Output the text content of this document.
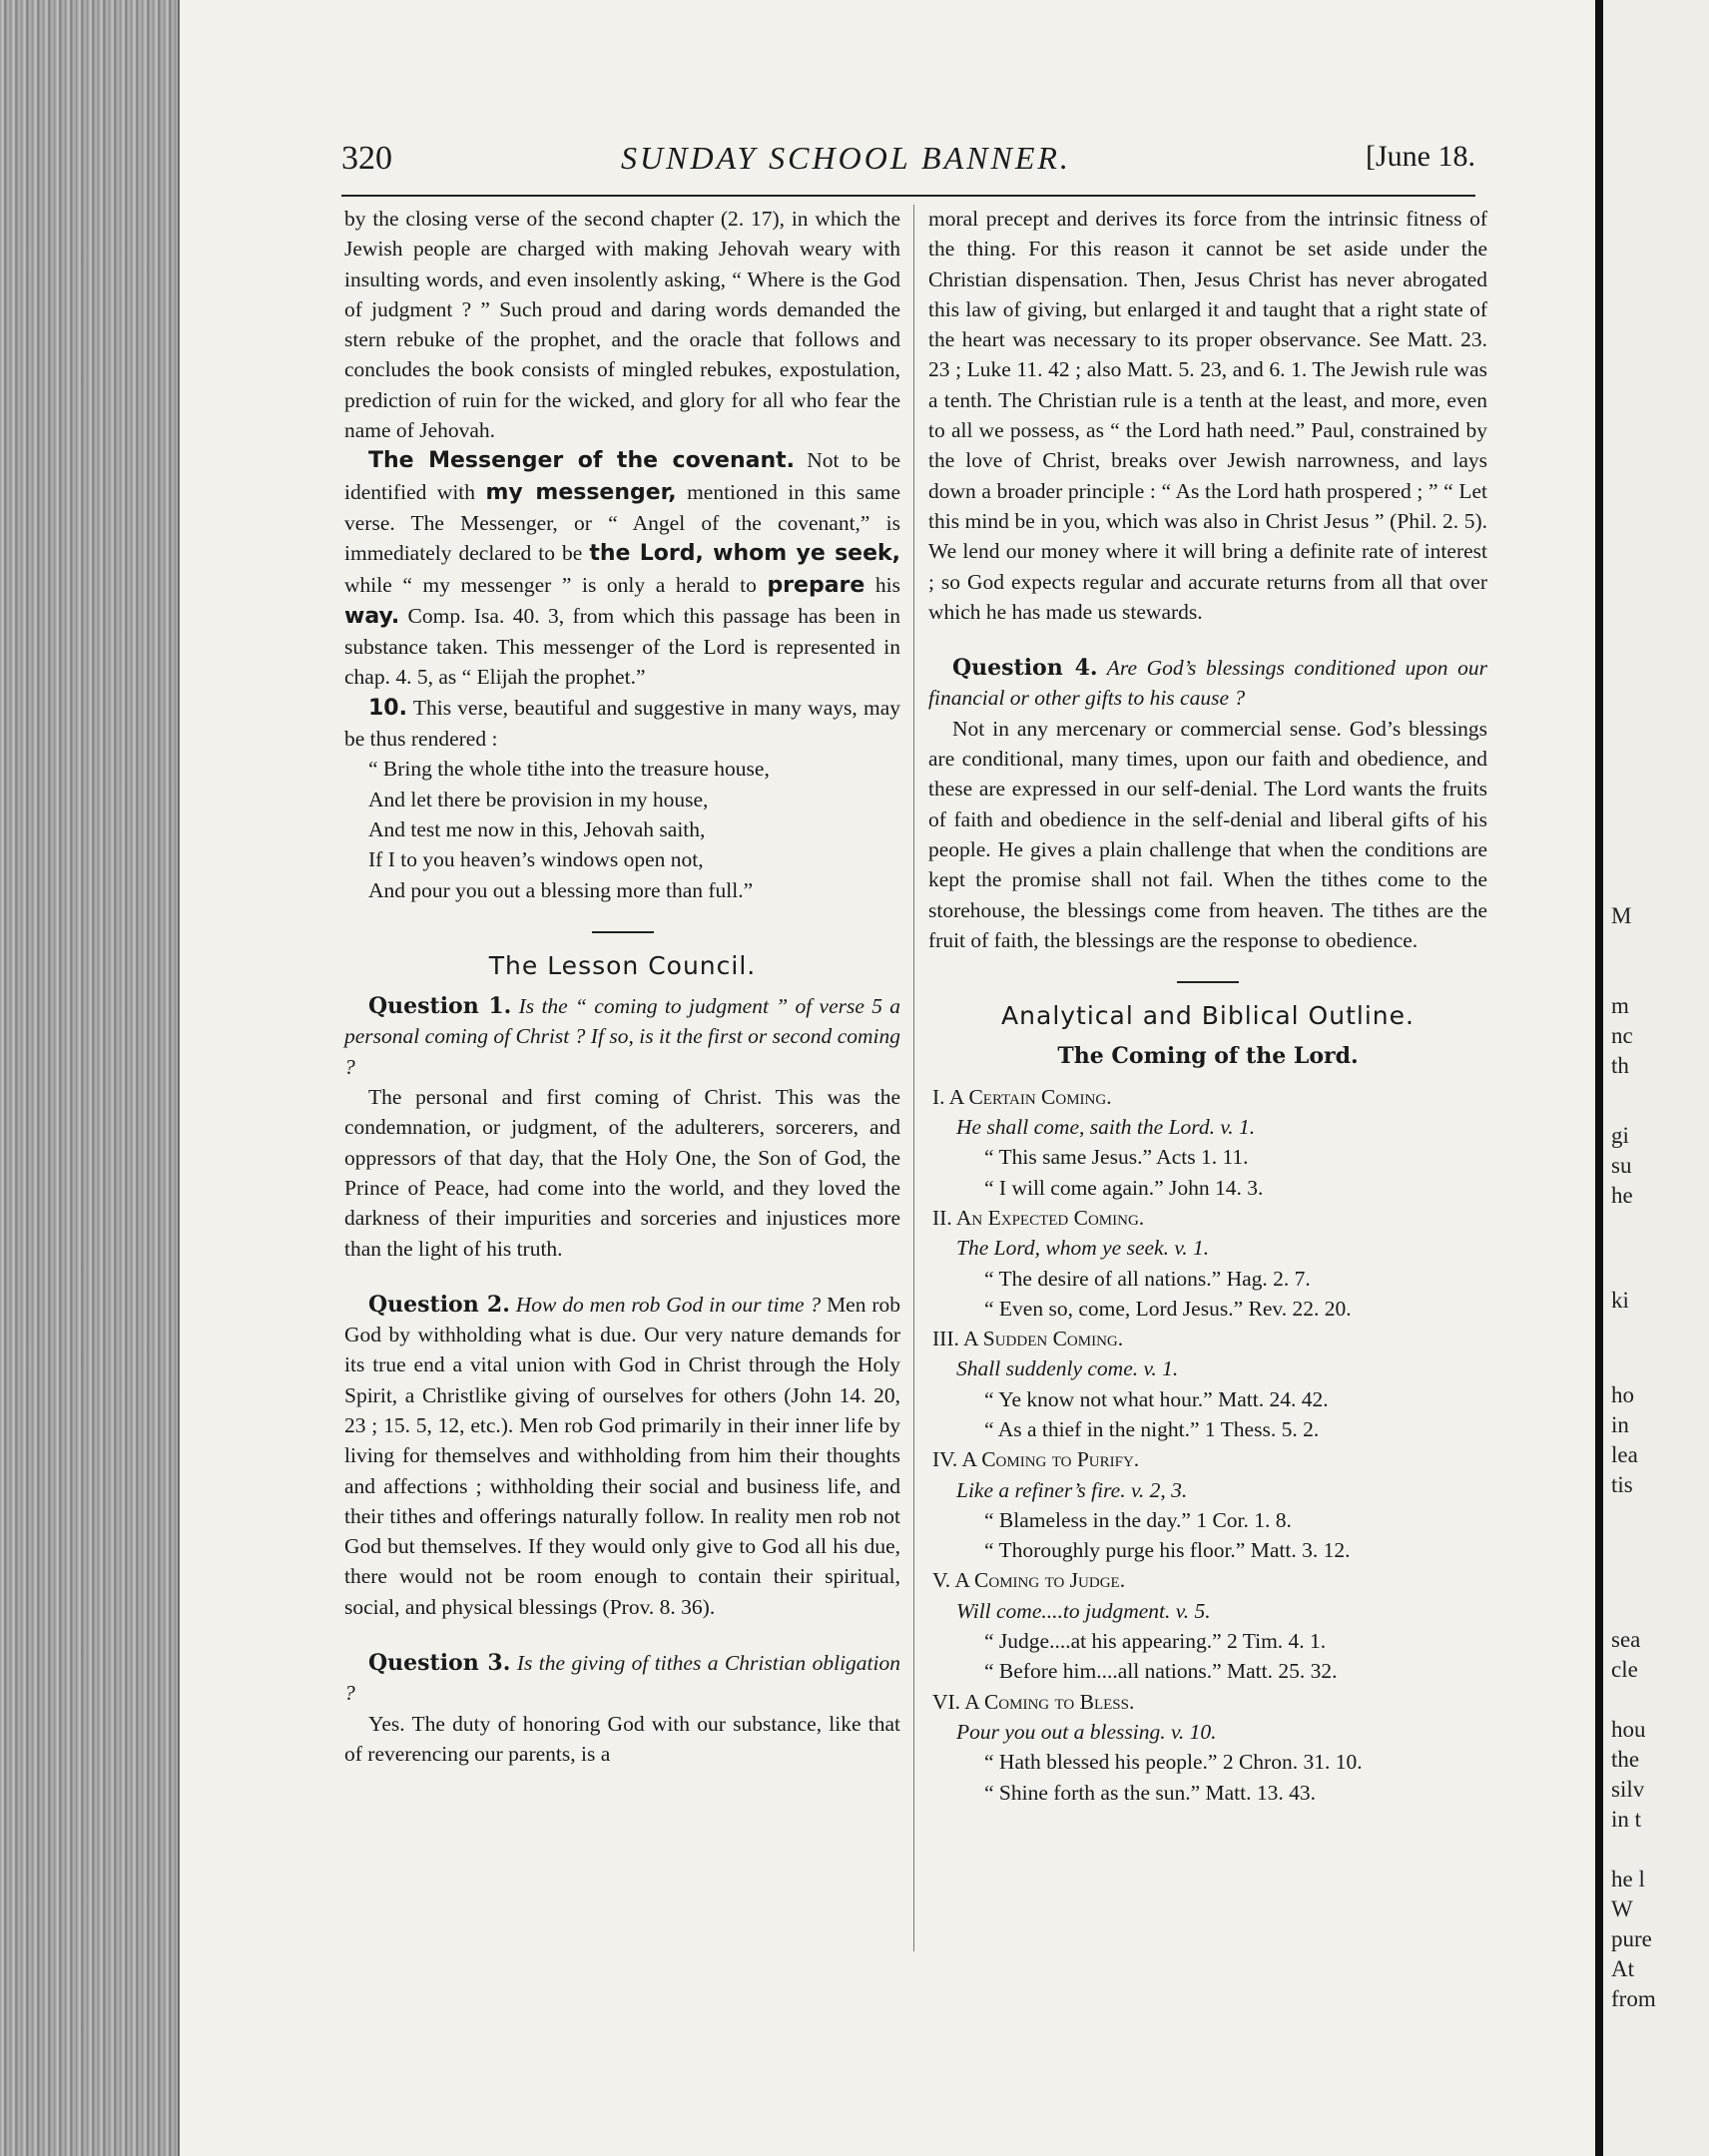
320	SUNDAY SCHOOL BANNER.	[June 18.

by the closing verse of the second chapter (2. 17), in which the Jewish people are charged with making Jehovah weary with insulting words, and even insolently asking, “ Where is the God of judgment ? ” Such proud and daring words demanded the stern rebuke of the prophet, and the oracle that follows and concludes the book consists of mingled rebukes, expostulation, prediction of ruin for the wicked, and glory for all who fear the name of Jehovah.

The Messenger of the covenant. Not to be identified with my messenger, mentioned in this same verse. The Messenger, or “ Angel of the covenant,” is immediately declared to be the Lord, whom ye seek, while “ my messenger ” is only a herald to prepare his way. Comp. Isa. 40. 3, from which this passage has been in substance taken. This messenger of the Lord is represented in chap. 4. 5, as “ Elijah the prophet.”

10. This verse, beautiful and suggestive in many ways, may be thus rendered :

“ Bring the whole tithe into the treasure house,
And let there be provision in my house,
And test me now in this, Jehovah saith,
If I to you heaven’s windows open not,
And pour you out a blessing more than full.”
The Lesson Council.

Question 1. Is the “ coming to judgment ” of verse 5 a personal coming of Christ ? If so, is it the first or second coming ?

The personal and first coming of Christ. This was the condemnation, or judgment, of the adulterers, sorcerers, and oppressors of that day, that the Holy One, the Son of God, the Prince of Peace, had come into the world, and they loved the darkness of their impurities and sorceries and injustices more than the light of his truth.

Question 2. How do men rob God in our time ? Men rob God by withholding what is due. Our very nature demands for its true end a vital union with God in Christ through the Holy Spirit, a Christlike giving of ourselves for others (John 14. 20, 23 ; 15. 5, 12, etc.). Men rob God primarily in their inner life by living for themselves and withholding from him their thoughts and affections ; withholding their social and business life, and their tithes and offerings naturally follow. In reality men rob not God but themselves. If they would only give to God all his due, there would not be room enough to contain their spiritual, social, and physical blessings (Prov. 8. 36).

Question 3. Is the giving of tithes a Christian obligation ?

Yes. The duty of honoring God with our substance, like that of reverencing our parents, is a

moral precept and derives its force from the intrinsic fitness of the thing. For this reason it cannot be set aside under the Christian dispensation. Then, Jesus Christ has never abrogated this law of giving, but enlarged it and taught that a right state of the heart was necessary to its proper observance. See Matt. 23. 23 ; Luke 11. 42 ; also Matt. 5. 23, and 6. 1. The Jewish rule was a tenth. The Christian rule is a tenth at the least, and more, even to all we possess, as “ the Lord hath need.” Paul, constrained by the love of Christ, breaks over Jewish narrowness, and lays down a broader principle : “ As the Lord hath prospered ; ” “ Let this mind be in you, which was also in Christ Jesus ” (Phil. 2. 5). We lend our money where it will bring a definite rate of interest ; so God expects regular and accurate returns from all that over which he has made us stewards.

Question 4. Are God’s blessings conditioned upon our financial or other gifts to his cause ?

Not in any mercenary or commercial sense. God’s blessings are conditional, many times, upon our faith and obedience, and these are expressed in our self-denial. The Lord wants the fruits of faith and obedience in the self-denial and liberal gifts of his people. He gives a plain challenge that when the conditions are kept the promise shall not fail. When the tithes come to the storehouse, the blessings come from heaven. The tithes are the fruit of faith, the blessings are the response to obedience.

Analytical and Biblical Outline.
The Coming of the Lord.
I. A Certain Coming.
He shall come, saith the Lord. v. 1.
“ This same Jesus.” Acts 1. 11.
“ I will come again.” John 14. 3.
II. An Expected Coming.
The Lord, whom ye seek. v. 1.
“ The desire of all nations.” Hag. 2. 7.
“ Even so, come, Lord Jesus.” Rev. 22. 20.
III. A Sudden Coming.
Shall suddenly come. v. 1.
“ Ye know not what hour.” Matt. 24. 42.
“ As a thief in the night.” 1 Thess. 5. 2.
IV. A Coming to Purify.
Like a refiner’s fire. v. 2, 3.
“ Blameless in the day.” 1 Cor. 1. 8.
“ Thoroughly purge his floor.” Matt. 3. 12.
V. A Coming to Judge.
Will come....to judgment. v. 5.
“ Judge....at his appearing.” 2 Tim. 4. 1.
“ Before him....all nations.” Matt. 25. 32.
VI. A Coming to Bless.
Pour you out a blessing. v. 10.
“ Hath blessed his people.” 2 Chron. 31. 10.
“ Shine forth as the sun.” Matt. 13. 43.
M
m
nc
th
gi
su
he
ki
ho
in
lea
tis
sea
cle
hou
the
silv
in t
he l
W
pure
At
from
